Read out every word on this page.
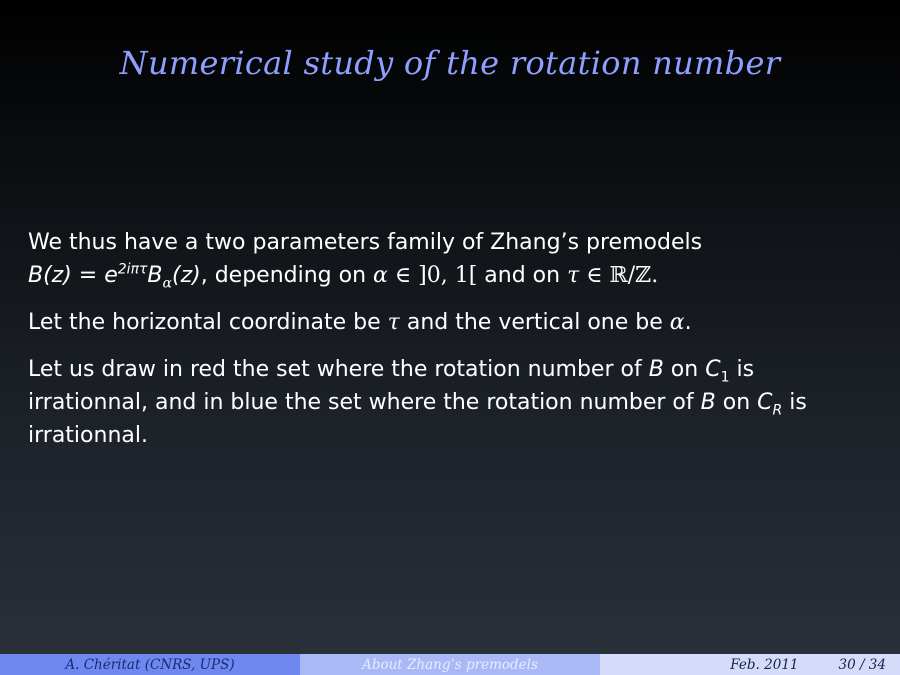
Numerical study of the rotation number

We thus have a two parameters family of Zhang’s premodels
$B(z) = e^{2i\pi\tau}B_\alpha(z)$, depending on α ∈ ]0, 1[ and on τ ∈ ℝ/ℤ.

Let the horizontal coordinate be τ and the vertical one be α.

Let us draw in red the set where the rotation number of B on $C_1$ is irrationnal, and in blue the set where the rotation number of B on $C_R$ is irrationnal.

A. Chéritat (CNRS, UPS)	About Zhang’s premodels	Feb. 2011	30 / 34
